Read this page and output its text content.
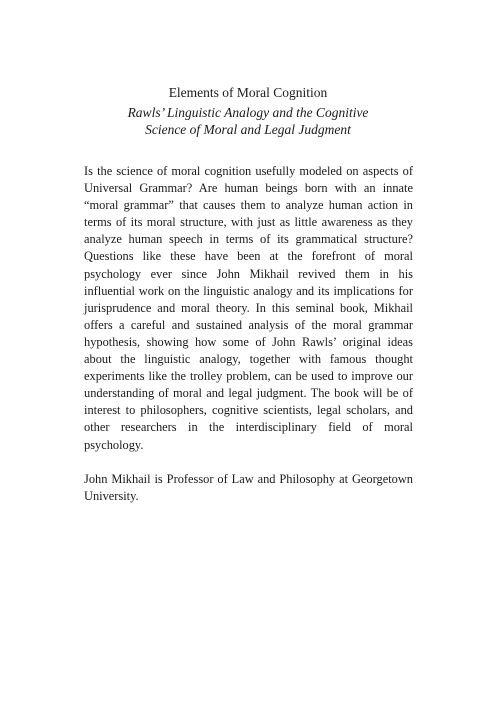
Elements of Moral Cognition
Rawls’ Linguistic Analogy and the Cognitive
Science of Moral and Legal Judgment

Is the science of moral cognition usefully modeled on aspects of Universal Grammar? Are human beings born with an innate “moral grammar” that causes them to analyze human action in terms of its moral structure, with just as little awareness as they analyze human speech in terms of its grammatical structure? Questions like these have been at the forefront of moral psychology ever since John Mikhail revived them in his influential work on the linguistic analogy and its implications for jurisprudence and moral theory. In this seminal book, Mikhail offers a careful and sustained analysis of the moral grammar hypothesis, showing how some of John Rawls’ original ideas about the linguistic analogy, together with famous thought experiments like the trolley problem, can be used to improve our understanding of moral and legal judgment. The book will be of interest to philosophers, cognitive scientists, legal scholars, and other researchers in the interdisciplinary field of moral psychology.

John Mikhail is Professor of Law and Philosophy at Georgetown University.
